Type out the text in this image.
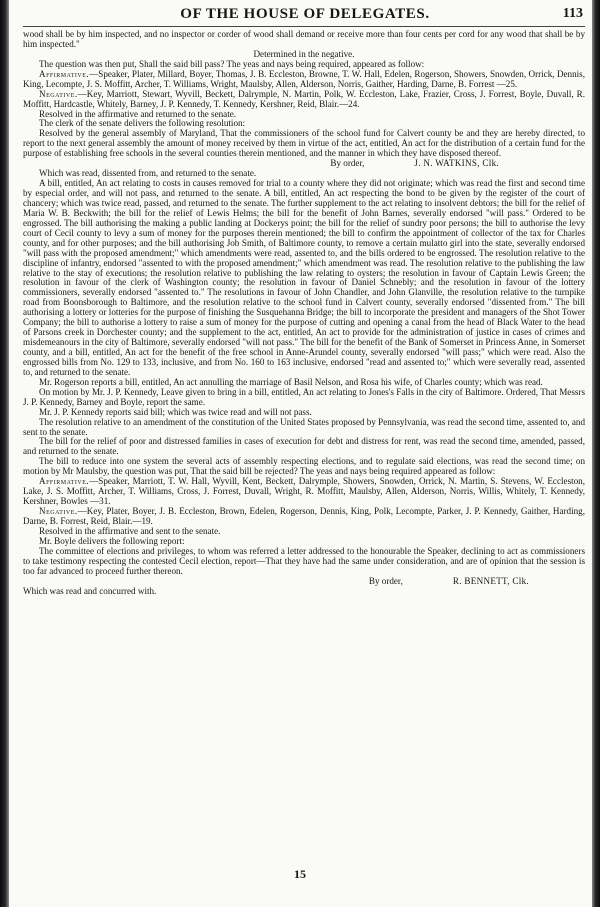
OF THE HOUSE OF DELEGATES.	113

wood shall be by him inspected, and no inspector or corder of wood shall demand or receive more than four cents per cord for any wood that shall be by him inspected."

Determined in the negative.

The question was then put, Shall the said bill pass? The yeas and nays being required, appeared as follow:

Affirmative.—Speaker, Plater, Millard, Boyer, Thomas, J. B. Eccleston, Browne, T. W. Hall, Edelen, Rogerson, Showers, Snowden, Orrick, Dennis, King, Lecompte, J. S. Moffitt, Archer, T. Williams, Wright, Maulsby, Allen, Alderson, Norris, Gaither, Harding, Darne, B. Forrest —25.

Negative.—Key, Marriott, Stewart, Wyvill, Beckett, Dalrymple, N. Martin, Polk, W. Eccleston, Lake, Frazier, Cross, J. Forrest, Boyle, Duvall, R. Moffitt, Hardcastle, Whitely, Barney, J. P. Kennedy, T. Kennedy, Kershner, Reid, Blair.—24.

Resolved in the affirmative and returned to the senate.

The clerk of the senate delivers the following resolution:

Resolved by the general assembly of Maryland, That the commissioners of the school fund for Calvert county be and they are hereby directed, to report to the next general assembly the amount of money received by them in virtue of the act, entitled, An act for the distribution of a certain fund for the purpose of establishing free schools in the several counties therein mentioned, and the manner in which they have disposed thereof.

By order,	J. N. WATKINS, Clk.

Which was read, dissented from, and returned to the senate.

A bill, entitled, An act relating to costs in causes removed for trial to a county where they did not originate; which was read the first and second time by especial order, and will not pass, and returned to the senate. A bill, entitled, An act respecting the bond to be given by the register of the court of chancery; which was twice read, passed, and returned to the senate. The further supplement to the act relating to insolvent debtors; the bill for the relief of Maria W. B. Beckwith; the bill for the relief of Lewis Helms; the bill for the benefit of John Barnes, severally endorsed "will pass." Ordered to be engrossed. The bill authorising the making a public landing at Dockerys point; the bill for the relief of sundry poor persons; the bill to authorise the levy court of Cecil county to levy a sum of money for the purposes therein mentioned; the bill to confirm the appointment of collector of the tax for Charles county, and for other purposes; and the bill authorising Job Smith, of Baltimore county, to remove a certain mulatto girl into the state, severally endorsed "will pass with the proposed amendment;" which amendments were read, assented to, and the bills ordered to be engrossed. The resolution relative to the discipline of infantry, endorsed "assented to with the proposed amendment;" which amendment was read. The resolution relative to the publishing the law relative to the stay of executions; the resolution relative to publishing the law relating to oysters; the resolution in favour of Captain Lewis Green; the resolution in favour of the clerk of Washington county; the resolution in favour of Daniel Schnebly; and the resolution in favour of the lottery commissioners, severally endorsed "assented to." The resolutions in favour of John Chandler, and John Glanville, the resolution relative to the turnpike road from Boonsborough to Baltimore, and the resolution relative to the school fund in Calvert county, severally endorsed "dissented from." The bill authorising a lottery or lotteries for the purpose of finishing the Susquehanna Bridge; the bill to incorporate the president and managers of the Shot Tower Company; the bill to authorise a lottery to raise a sum of money for the purpose of cutting and opening a canal from the head of Black Water to the head of Parsons creek in Dorchester county; and the supplement to the act, entitled, An act to provide for the administration of justice in cases of crimes and misdemeanours in the city of Baltimore, severally endorsed "will not pass." The bill for the benefit of the Bank of Somerset in Princess Anne, in Somerset county, and a bill, entitled, An act for the benefit of the free school in Anne-Arundel county, severally endorsed "will pass;" which were read. Also the engrossed bills from No. 129 to 133, inclusive, and from No. 160 to 163 inclusive, endorsed "read and assented to;" which were severally read, assented to, and returned to the senate.

Mr. Rogerson reports a bill, entitled, An act annulling the marriage of Basil Nelson, and Rosa his wife, of Charles county; which was read.

On motion by Mr. J. P. Kennedy, Leave given to bring in a bill, entitled, An act relating to Jones's Falls in the city of Baltimore. Ordered, That Messrs J. P. Kennedy, Barney and Boyle, report the same.

Mr. J. P. Kennedy reports said bill; which was twice read and will not pass.

The resolution relative to an amendment of the constitution of the United States proposed by Pennsylvania, was read the second time, assented to, and sent to the senate.

The bill for the relief of poor and distressed families in cases of execution for debt and distress for rent, was read the second time, amended, passed, and returned to the senate.

The bill to reduce into one system the several acts of assembly respecting elections, and to regulate said elections, was read the second time; on motion by Mr Maulsby, the question was put, That the said bill be rejected? The yeas and nays being required appeared as follow:

Affirmative.—Speaker, Marriott, T. W. Hall, Wyvill, Kent, Beckett, Dalrymple, Showers, Snowden, Orrick, N. Martin, S. Stevens, W. Eccleston, Lake, J. S. Moffitt, Archer, T. Williams, Cross, J. Forrest, Duvall, Wright, R. Moffitt, Maulsby, Allen, Alderson, Norris, Willis, Whitely, T. Kennedy, Kershner, Bowles —31.

Negative.—Key, Plater, Boyer, J. B. Eccleston, Brown, Edelen, Rogerson, Dennis, King, Polk, Lecompte, Parker, J. P. Kennedy, Gaither, Harding, Darne, B. Forrest, Reid, Blair.—19.

Resolved in the affirmative and sent to the senate.

Mr. Boyle delivers the following report:

The committee of elections and privileges, to whom was referred a letter addressed to the honourable the Speaker, declining to act as commissioners to take testimony respecting the contested Cecil election, report—That they have had the same under consideration, and are of opinion that the session is too far advanced to proceed further thereon.

By order,	R. BENNETT, Clk.

Which was read and concurred with.

15
